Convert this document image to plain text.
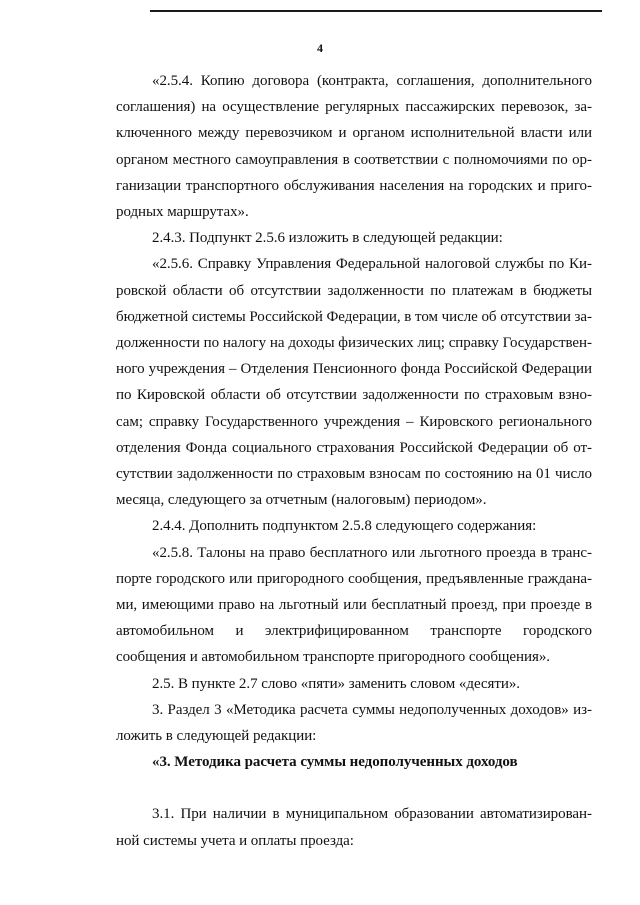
4

«2.5.4. Копию договора (контракта, соглашения, дополнительного соглашения) на осуществление регулярных пассажирских перевозок, заключенного между перевозчиком и органом исполнительной власти или органом местного самоуправления в соответствии с полномочиями по организации транспортного обслуживания населения на городских и пригородных маршрутах».

2.4.3. Подпункт 2.5.6 изложить в следующей редакции:

«2.5.6. Справку Управления Федеральной налоговой службы по Кировской области об отсутствии задолженности по платежам в бюджеты бюджетной системы Российской Федерации, в том числе об отсутствии задолженности по налогу на доходы физических лиц; справку Государственного учреждения – Отделения Пенсионного фонда Российской Федерации по Кировской области об отсутствии задолженности по страховым взносам; справку Государственного учреждения – Кировского регионального отделения Фонда социального страхования Российской Федерации об отсутствии задолженности по страховым взносам по состоянию на 01 число месяца, следующего за отчетным (налоговым) периодом».

2.4.4. Дополнить подпунктом 2.5.8 следующего содержания:

«2.5.8. Талоны на право бесплатного или льготного проезда в транспорте городского или пригородного сообщения, предъявленные гражданами, имеющими право на льготный или бесплатный проезд, при проезде в автомобильном и электрифицированном транспорте городского сообщения и автомобильном транспорте пригородного сообщения».

2.5. В пункте 2.7 слово «пяти» заменить словом «десяти».

3. Раздел 3 «Методика расчета суммы недополученных доходов» изложить в следующей редакции:

«3. Методика расчета суммы недополученных доходов

3.1. При наличии в муниципальном образовании автоматизированной системы учета и оплаты проезда:
